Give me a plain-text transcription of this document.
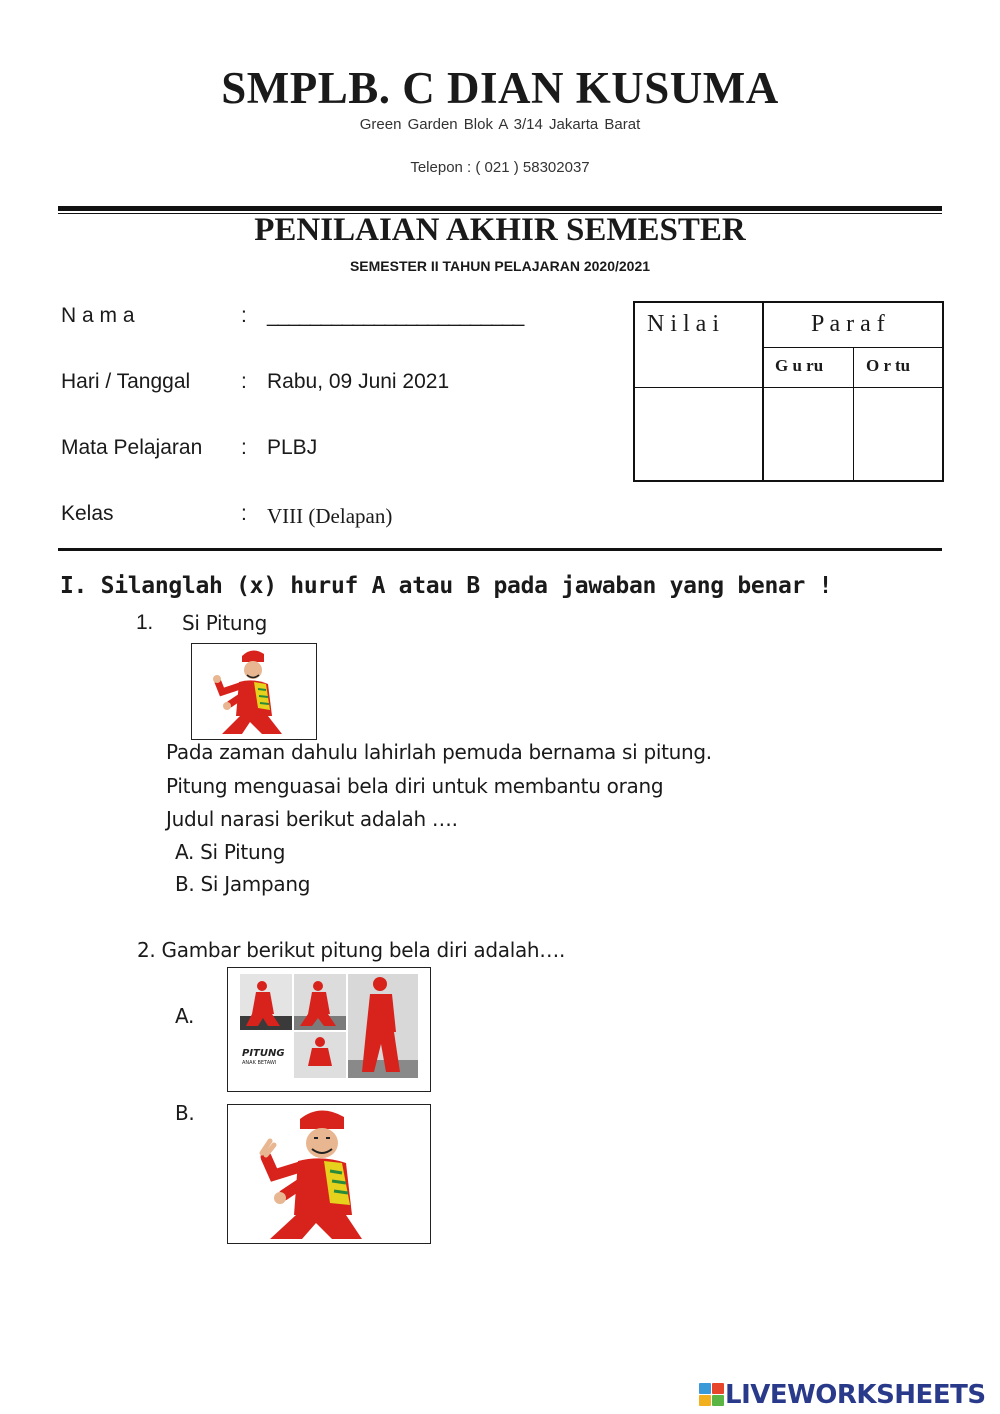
SMPLB. C DIAN KUSUMA
Green Garden Blok A 3/14 Jakarta Barat
Telepon : ( 021 ) 58302037
PENILAIAN AKHIR SEMESTER
SEMESTER II TAHUN PELAJARAN 2020/2021
N a m a	: ________________________
Hari / Tanggal : Rabu, 09 Juni 2021
Mata Pelajaran : PLBJ
Kelas	: VIII (Delapan)
N i l a i	P a r a f
G u ru	O r tu
I. Silanglah (x) huruf A atau B pada jawaban yang benar !
1. Si Pitung
Pada zaman dahulu lahirlah pemuda bernama si pitung.
Pitung menguasai bela diri untuk membantu orang
Judul narasi berikut adalah ….
A. Si Pitung
B. Si Jampang
2. Gambar berikut pitung bela diri adalah….
A.
PITUNG
ANAK BETAWI
B.
LIVEWORKSHEETS
